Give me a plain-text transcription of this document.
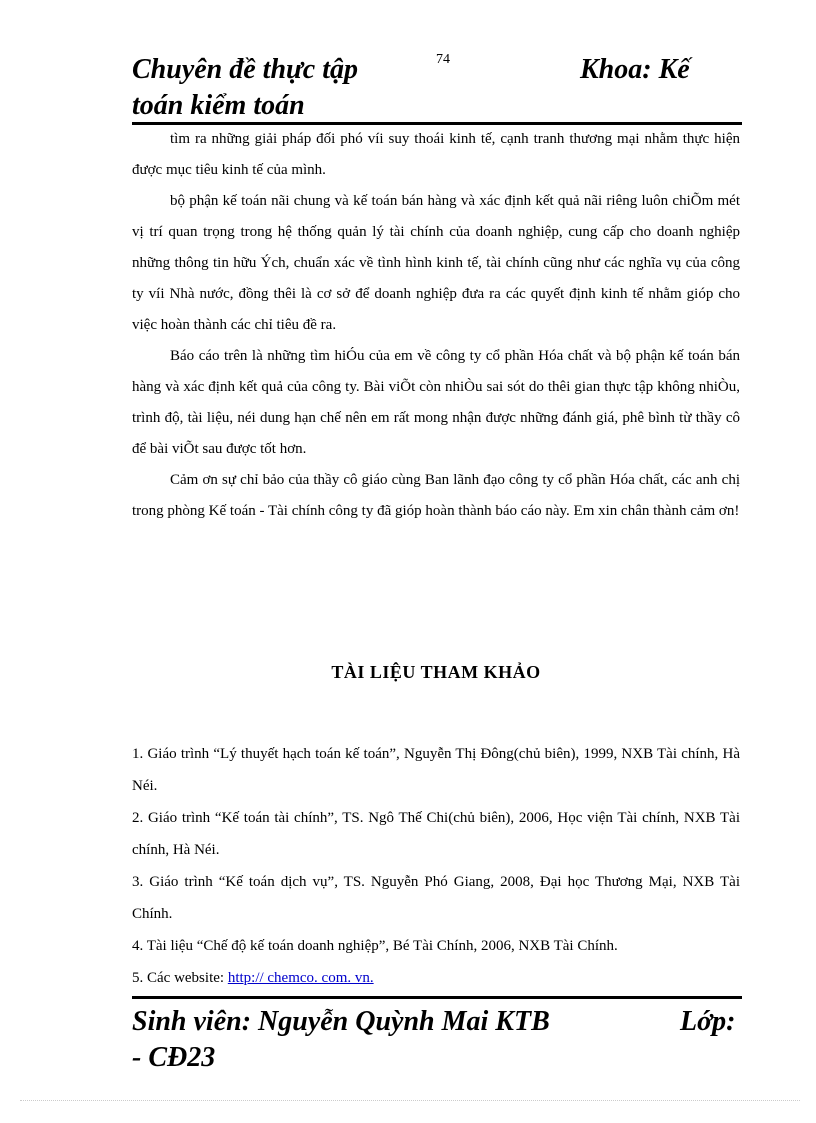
Chuyên đề thực tập toán kiểm toán
74	Khoa: Kế

tìm ra những giải pháp đối phó víi suy thoái kinh tế, cạnh tranh thương mại nhằm thực hiện được mục tiêu kinh tế của mình.

bộ phận kế toán nãi chung và kế toán bán hàng và xác định kết quả nãi riêng luôn chiÕm mét vị trí quan trọng trong hệ thống quản lý tài chính của doanh nghiệp, cung cấp cho doanh nghiệp những thông tin hữu Ých, chuẩn xác về tình hình kinh tế, tài chính cũng như các nghĩa vụ của công ty víi Nhà nước, đồng thêi là cơ sở để doanh nghiệp đưa ra các quyết định kinh tế nhằm gióp cho việc hoàn thành các chỉ tiêu đề ra.

Báo cáo trên là những tìm hiÓu của em về công ty cổ phần Hóa chất và bộ phận kế toán bán hàng và xác định kết quả của công ty. Bài viÕt còn nhiÒu sai sót do thêi gian thực tập không nhiÒu, trình độ, tài liệu, néi dung hạn chế nên em rất mong nhận được những đánh giá, phê bình từ thầy cô để bài viÕt sau được tốt hơn.

Cảm ơn sự chỉ bảo của thầy cô giáo cùng Ban lãnh đạo công ty cổ phần Hóa chất, các anh chị trong phòng Kế toán - Tài chính công ty đã gióp hoàn thành báo cáo này. Em xin chân thành cảm ơn!

TÀI LIỆU THAM KHẢO

1. Giáo trình “Lý thuyết hạch toán kế toán”, Nguyễn Thị Đông(chủ biên), 1999, NXB Tài chính, Hà Néi.

2. Giáo trình “Kế toán tài chính”, TS. Ngô Thế Chi(chủ biên), 2006, Học viện Tài chính, NXB Tài chính, Hà Néi.

3. Giáo trình “Kế toán dịch vụ”, TS. Nguyễn Phó Giang, 2008, Đại học Thương Mại, NXB Tài Chính.

4. Tài liệu “Chế độ kế toán doanh nghiệp”, Bé Tài Chính, 2006, NXB Tài Chính.

5. Các website: http:// chemco. com. vn.

Sinh viên: Nguyễn Quỳnh Mai KTB - CĐ23
Lớp:
